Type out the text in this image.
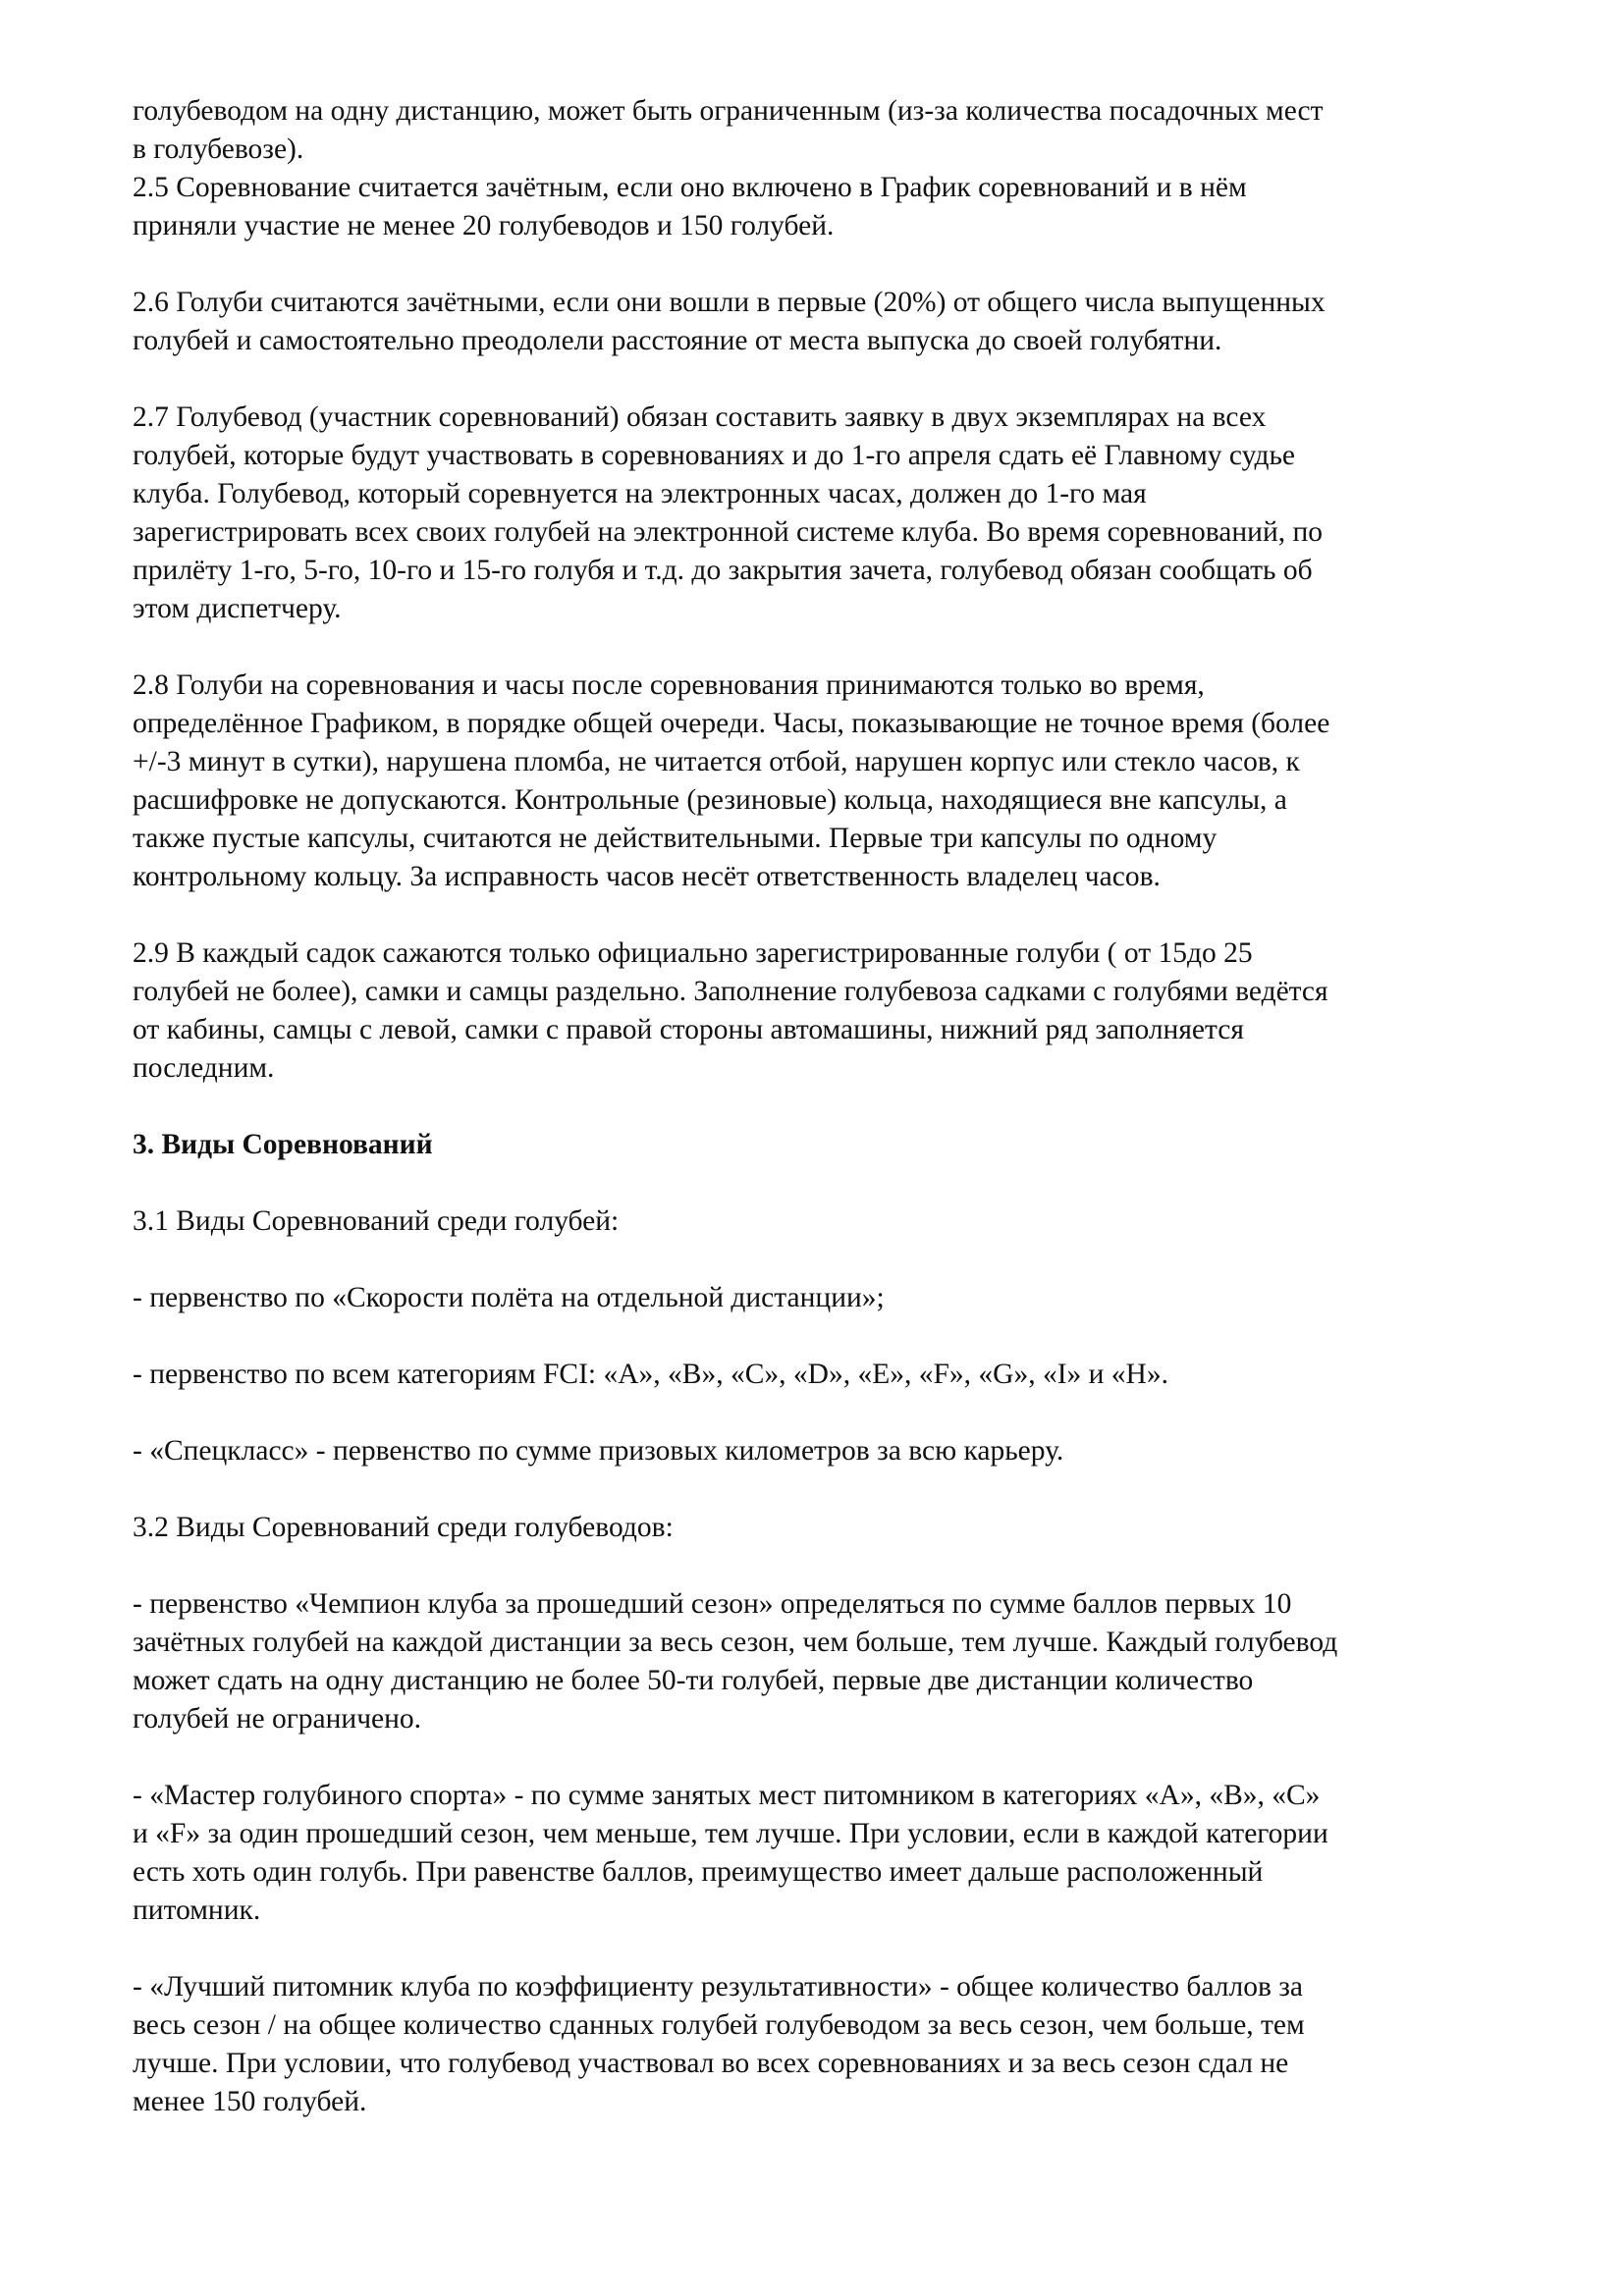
голубеводом на одну дистанцию, может быть ограниченным (из-за количества посадочных мест

в голубевозе).

2.5 Соревнование считается зачётным, если оно включено в График соревнований и в нём

приняли участие не менее 20 голубеводов и 150 голубей.

2.6 Голуби считаются зачётными, если они вошли в первые (20%) от общего числа выпущенных

голубей и самостоятельно преодолели расстояние от места выпуска до своей голубятни.

2.7 Голубевод (участник соревнований) обязан составить заявку в двух экземплярах на всех

голубей, которые будут участвовать в соревнованиях и до 1-го апреля сдать её Главному судье

клуба. Голубевод, который соревнуется на электронных часах, должен до 1-го мая

зарегистрировать всех своих голубей на электронной системе клуба. Во время соревнований, по

прилёту 1-го, 5-го, 10-го и 15-го голубя и т.д. до закрытия зачета, голубевод обязан сообщать об

этом диспетчеру.

2.8 Голуби на соревнования и часы после соревнования принимаются только во время,

определённое Графиком, в порядке общей очереди. Часы, показывающие не точное время (более

+/-3 минут в сутки), нарушена пломба, не читается отбой, нарушен корпус или стекло часов, к

расшифровке не допускаются. Контрольные (резиновые) кольца, находящиеся вне капсулы, а

также пустые капсулы, считаются не действительными. Первые три капсулы по одному

контрольному кольцу. За исправность часов несёт ответственность владелец часов.

2.9 В каждый садок сажаются только официально зарегистрированные голуби ( от 15до 25

голубей не более), самки и самцы раздельно. Заполнение голубевоза садками с голубями ведётся

от кабины, самцы с левой, самки с правой стороны автомашины, нижний ряд заполняется

последним.

3. Виды Соревнований

3.1 Виды Соревнований среди голубей:

- первенство по «Скорости полёта на отдельной дистанции»;

- первенство по всем категориям FCI: «А», «В», «С», «D», «Е», «F», «G», «I» и «Н».

- «Спецкласс» - первенство по сумме призовых километров за всю карьеру.

3.2 Виды Соревнований среди голубеводов:

- первенство «Чемпион клуба за прошедший сезон» определяться по сумме баллов первых 10

зачётных голубей на каждой дистанции за весь сезон, чем больше, тем лучше. Каждый голубевод

может сдать на одну дистанцию не более 50-ти голубей, первые две дистанции количество

голубей не ограничено.

- «Мастер голубиного спорта» - по сумме занятых мест питомником в категориях «А», «В», «С»

и «F» за один прошедший сезон, чем меньше, тем лучше. При условии, если в каждой категории

есть хоть один голубь. При равенстве баллов, преимущество имеет дальше расположенный

питомник.

- «Лучший питомник клуба по коэффициенту результативности» - общее количество баллов за

весь сезон / на общее количество сданных голубей голубеводом за весь сезон, чем больше, тем

лучше. При условии, что голубевод участвовал во всех соревнованиях и за весь сезон сдал не

менее 150 голубей.
